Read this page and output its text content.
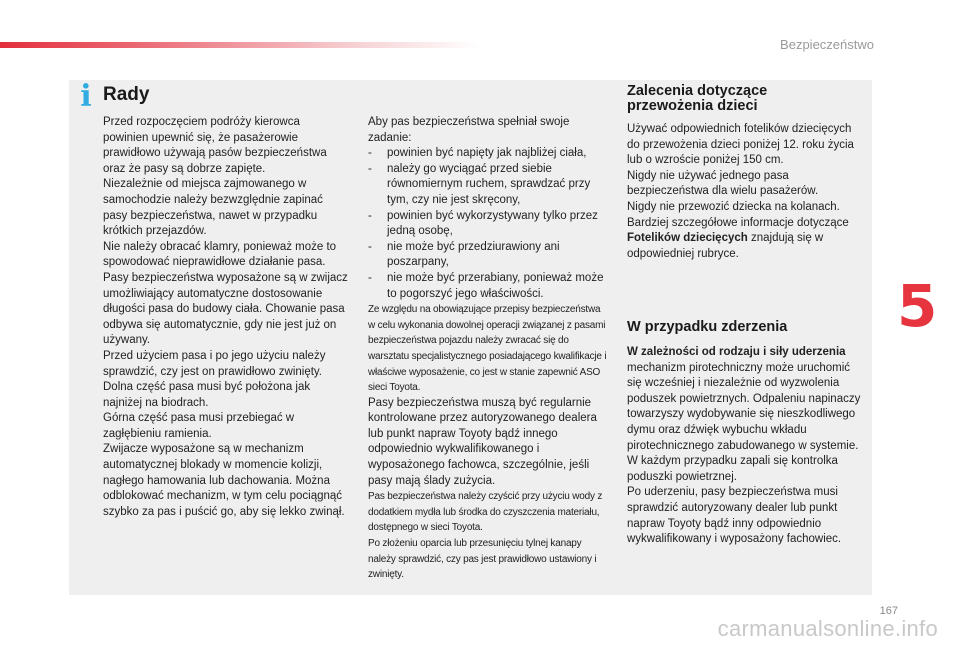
Bezpieczeństwo
i Rady

Przed rozpoczęciem podróży kierowca powinien upewnić się, że pasażerowie prawidłowo używają pasów bezpieczeństwa oraz że pasy są dobrze zapięte.

Niezależnie od miejsca zajmowanego w samochodzie należy bezwzględnie zapinać pasy bezpieczeństwa, nawet w przypadku krótkich przejazdów.

Nie należy obracać klamry, ponieważ może to spowodować nieprawidłowe działanie pasa.

Pasy bezpieczeństwa wyposażone są w zwijacz umożliwiający automatyczne dostosowanie długości pasa do budowy ciała. Chowanie pasa odbywa się automatycznie, gdy nie jest już on używany.

Przed użyciem pasa i po jego użyciu należy sprawdzić, czy jest on prawidłowo zwinięty.

Dolna część pasa musi być położona jak najniżej na biodrach.

Górna część pasa musi przebiegać w zagłębieniu ramienia.

Zwijacze wyposażone są w mechanizm automatycznej blokady w momencie kolizji, nagłego hamowania lub dachowania. Można odblokować mechanizm, w tym celu pociągnąć szybko za pas i puścić go, aby się lekko zwinął.

Aby pas bezpieczeństwa spełniał swoje zadanie:

-	powinien być napięty jak najbliżej ciała,
-	należy go wyciągać przed siebie równomiernym ruchem, sprawdzać przy tym, czy nie jest skręcony,
-	powinien być wykorzystywany tylko przez jedną osobę,
-	nie może być przedziurawiony ani poszarpany,
-	nie może być przerabiany, ponieważ może to pogorszyć jego właściwości.

Ze względu na obowiązujące przepisy bezpieczeństwa w celu wykonania dowolnej operacji związanej z pasami bezpieczeństwa pojazdu należy zwracać się do warsztatu specjalistycznego posiadającego kwalifikacje i właściwe wyposażenie, co jest w stanie zapewnić ASO sieci Toyota.

Pasy bezpieczeństwa muszą być regularnie kontrolowane przez autoryzowanego dealera lub punkt napraw Toyoty bądź innego odpowiednio wykwalifikowanego i wyposażonego fachowca, szczególnie, jeśli pasy mają ślady zużycia.

Pas bezpieczeństwa należy czyścić przy użyciu wody z dodatkiem mydła lub środka do czyszczenia materiału, dostępnego w sieci Toyota.

Po złożeniu oparcia lub przesunięciu tylnej kanapy należy sprawdzić, czy pas jest prawidłowo ustawiony i zwinięty.

Zalecenia dotyczące przewożenia dzieci

Używać odpowiednich fotelików dziecięcych do przewożenia dzieci poniżej 12. roku życia lub o wzroście poniżej 150 cm.

Nigdy nie używać jednego pasa bezpieczeństwa dla wielu pasażerów.

Nigdy nie przewozić dziecka na kolanach.

Bardziej szczegółowe informacje dotyczące Fotelików dziecięcych znajdują się w odpowiedniej rubryce.

W przypadku zderzenia

W zależności od rodzaju i siły uderzenia mechanizm pirotechniczny może uruchomić się wcześniej i niezależnie od wyzwolenia poduszek powietrznych. Odpaleniu napinaczy towarzyszy wydobywanie się nieszkodliwego dymu oraz dźwięk wybuchu wkładu pirotechnicznego zabudowanego w systemie.

W każdym przypadku zapali się kontrolka poduszki powietrznej.

Po uderzeniu, pasy bezpieczeństwa musi sprawdzić autoryzowany dealer lub punkt napraw Toyoty bądź inny odpowiednio wykwalifikowany i wyposażony fachowiec.

5
167
carmanualsonline.info
